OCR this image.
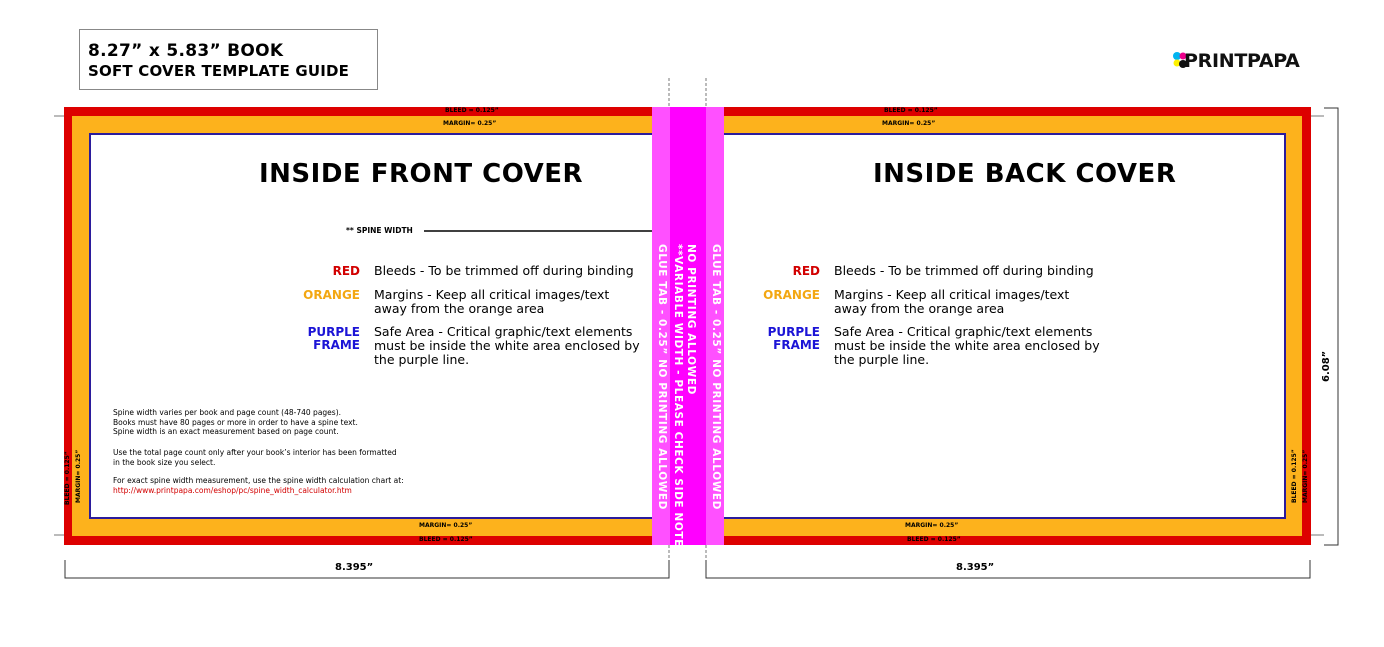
8.27” x 5.83” BOOK
SOFT COVER TEMPLATE GUIDE	PRINTPAPA
BLEED = 0.125”
MARGIN= 0.25”
MARGIN= 0.25”
BLEED = 0.125”
BLEED = 0.125” MARGIN= 0.25”
INSIDE FRONT COVER
** SPINE WIDTH
RED Bleeds - To be trimmed off during binding
ORANGE Margins - Keep all critical images/text
away from the orange area
PURPLE
FRAME
Safe Area - Critical graphic/text elements
must be inside the white area enclosed by
the purple line.
Spine width varies per book and page count (48-740 pages).
Books must have 80 pages or more in order to have a spine text.
Spine width is an exact measurement based on page count.
Use the total page count only after your book’s interior has been formatted
in the book size you select.
For exact spine width measurement, use the spine width calculation chart at:
http://www.printpapa.com/eshop/pc/spine_width_calculator.htm	GLUE TAB - 0.25” NO PRINTING ALLOWED	NO PRINTING ALLOWED
**VARIABLE WIDTH - PLEASE CHECK SIDE NOTE
GLUE TAB - 0.25” NO PRINTING ALLOWED
BLEED = 0.125”
MARGIN= 0.25”
MARGIN= 0.25”
BLEED = 0.125”
BLEED = 0.125” MARGIN= 0.25”
INSIDE BACK COVER
RED Bleeds - To be trimmed off during binding
ORANGE Margins - Keep all critical images/text
away from the orange area
PURPLE
FRAME
Safe Area - Critical graphic/text elements
must be inside the white area enclosed by
the purple line.
8.395”	8.395”
6.08”
